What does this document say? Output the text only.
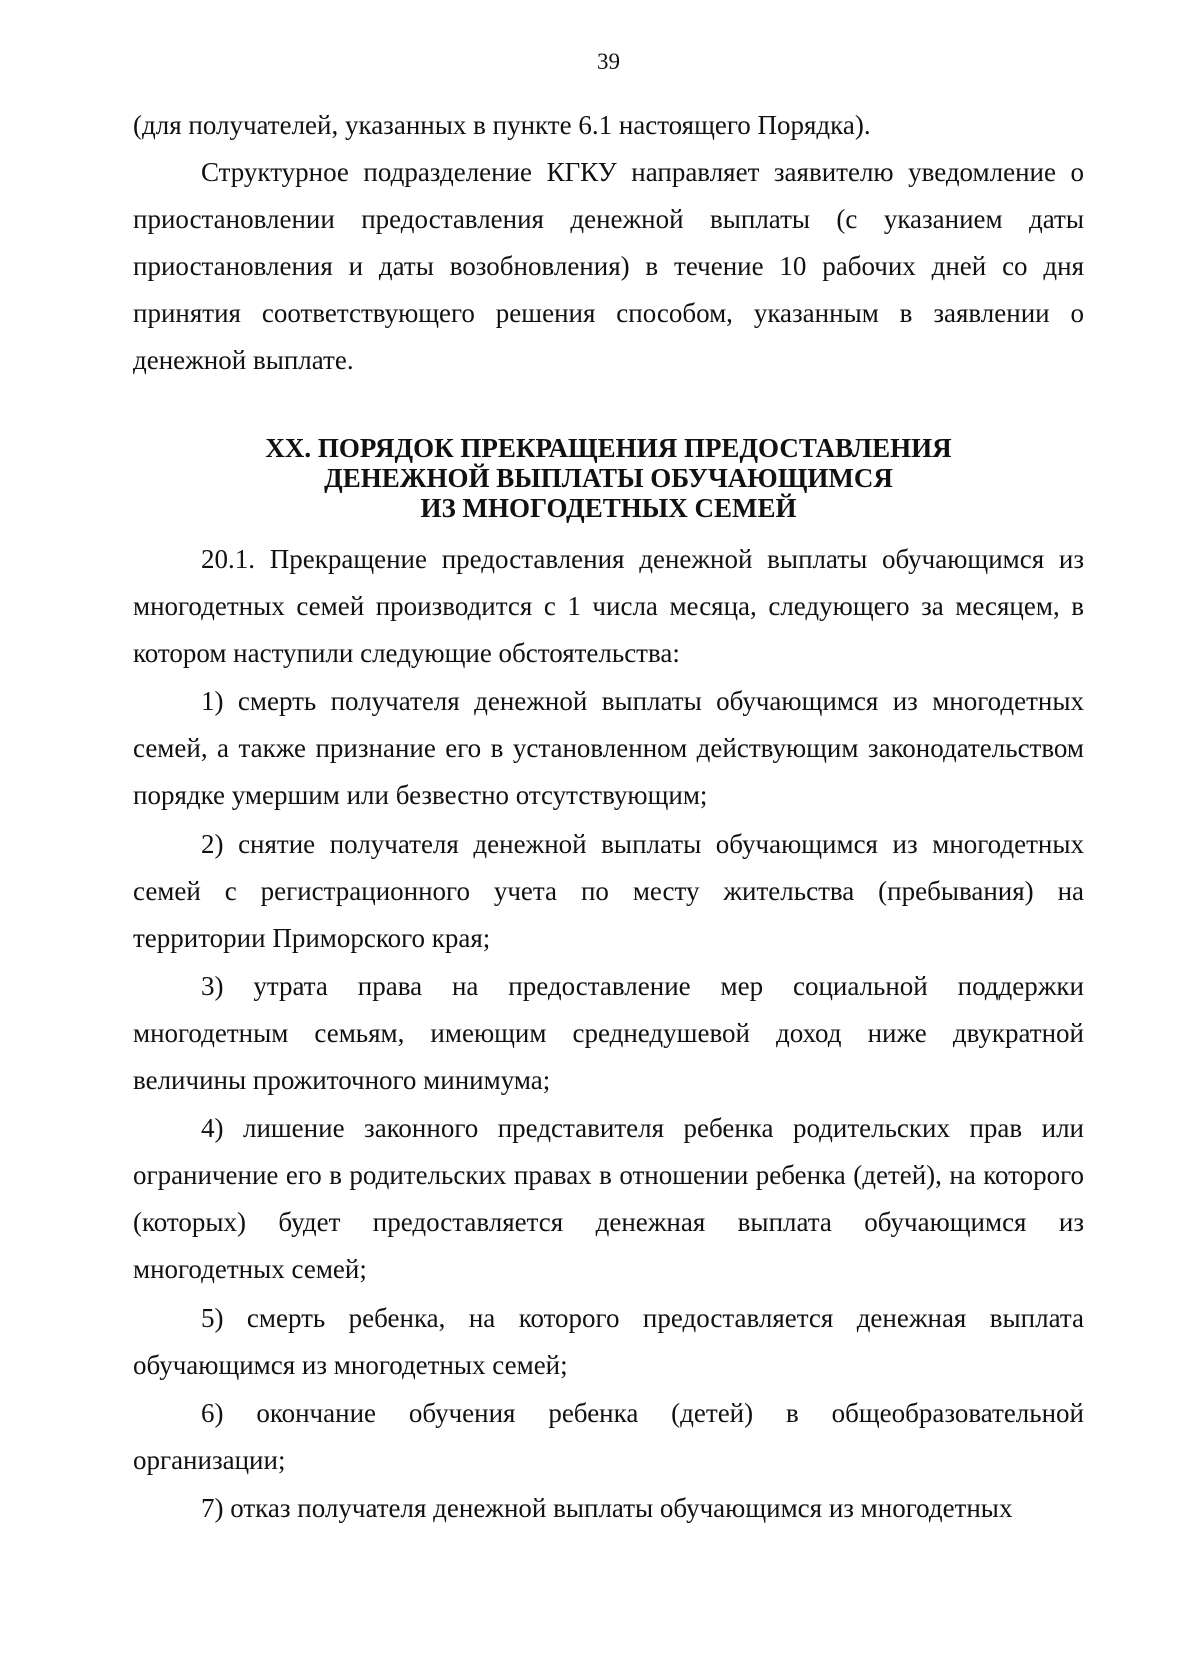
39

(для получателей, указанных в пункте 6.1 настоящего Порядка).

Структурное подразделение КГКУ направляет заявителю уведомление о приостановлении предоставления денежной выплаты (с указанием даты приостановления и даты возобновления) в течение 10 рабочих дней со дня принятия соответствующего решения способом, указанным в заявлении о денежной выплате.

XX. ПОРЯДОК ПРЕКРАЩЕНИЯ ПРЕДОСТАВЛЕНИЯ
ДЕНЕЖНОЙ ВЫПЛАТЫ ОБУЧАЮЩИМСЯ
ИЗ МНОГОДЕТНЫХ СЕМЕЙ

20.1. Прекращение предоставления денежной выплаты обучающимся из многодетных семей производится с 1 числа месяца, следующего за месяцем, в котором наступили следующие обстоятельства:

1) смерть получателя денежной выплаты обучающимся из многодетных семей, а также признание его в установленном действующим законодательством порядке умершим или безвестно отсутствующим;

2) снятие получателя денежной выплаты обучающимся из многодетных семей с регистрационного учета по месту жительства (пребывания) на территории Приморского края;

3) утрата права на предоставление мер социальной поддержки многодетным семьям, имеющим среднедушевой доход ниже двукратной величины прожиточного минимума;

4) лишение законного представителя ребенка родительских прав или ограничение его в родительских правах в отношении ребенка (детей), на которого (которых) будет предоставляется денежная выплата обучающимся из многодетных семей;

5) смерть ребенка, на которого предоставляется денежная выплата обучающимся из многодетных семей;

6) окончание обучения ребенка (детей) в общеобразовательной организации;

7) отказ получателя денежной выплаты обучающимся из многодетных
